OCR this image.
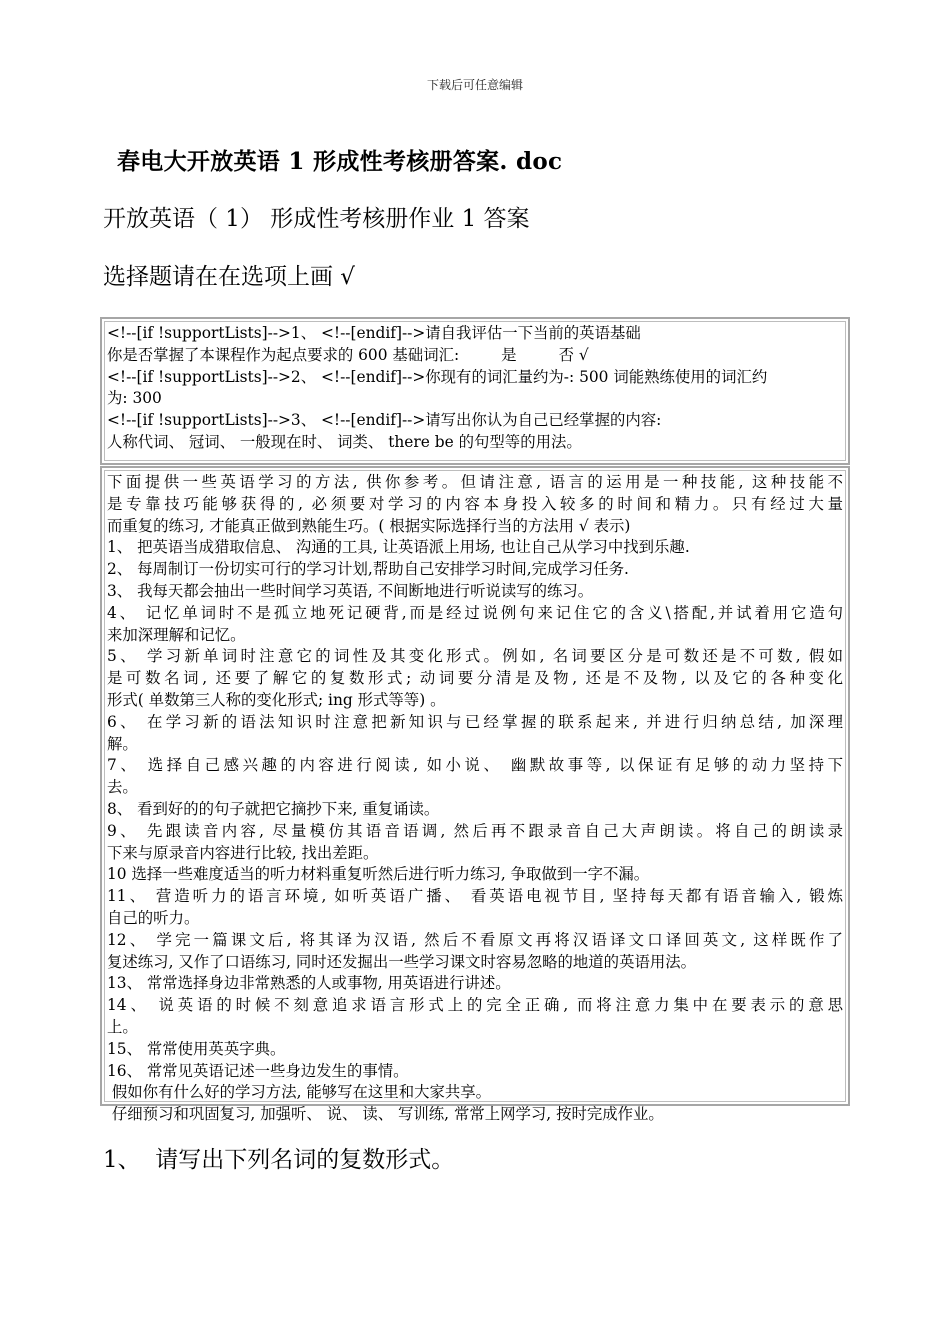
下载后可任意编辑
春电大开放英语 1 形成性考核册答案. doc
开放英语（ 1） 形成性考核册作业 1 答案
选择题请在在选项上画 √
<!--[if !supportLists]-->1、 <!--[endif]-->请自我评估一下当前的英语基础
你是否掌握了本课程作为起点要求的 600 基础词汇:	是	否 √
<!--[if !supportLists]-->2、 <!--[endif]-->你现有的词汇量约为-: 500 词能熟练使用的词汇约
为: 300
<!--[if !supportLists]-->3、 <!--[endif]-->请写出你认为自己已经掌握的内容:
人称代词、 冠词、 一般现在时、 词类、 there be 的句型等的用法。
下面提供一些英语学习的方法, 供你参考。但请注意, 语言的运用是一种技能, 这种技能不
是专靠技巧能够获得的, 必须要对学习的内容本身投入较多的时间和精力。只有经过大量
而重复的练习, 才能真正做到熟能生巧。( 根据实际选择行当的方法用 √ 表示)
1、 把英语当成猎取信息、 沟通的工具, 让英语派上用场, 也让自己从学习中找到乐趣.
2、 每周制订一份切实可行的学习计划,帮助自己安排学习时间,完成学习任务.
3、 我每天都会抽出一些时间学习英语, 不间断地进行听说读写的练习。
4、 记忆单词时不是孤立地死记硬背,而是经过说例句来记住它的含义\搭配,并试着用它造句
来加深理解和记忆。
5、 学习新单词时注意它的词性及其变化形式。例如, 名词要区分是可数还是不可数, 假如
是可数名词, 还要了解它的复数形式; 动词要分清是及物, 还是不及物, 以及它的各种变化
形式( 单数第三人称的变化形式; ing 形式等等) 。
6、 在学习新的语法知识时注意把新知识与已经掌握的联系起来, 并进行归纳总结, 加深理
解。
7、 选择自己感兴趣的内容进行阅读, 如小说、 幽默故事等, 以保证有足够的动力坚持下
去。
8、 看到好的的句子就把它摘抄下来, 重复诵读。
9、 先跟读音内容, 尽量模仿其语音语调, 然后再不跟录音自己大声朗读。将自己的朗读录
下来与原录音内容进行比较, 找出差距。
10 选择一些难度适当的听力材料重复听然后进行听力练习, 争取做到一字不漏。
11、 营造听力的语言环境, 如听英语广播、 看英语电视节目, 坚持每天都有语音输入, 锻炼
自己的听力。
12、 学完一篇课文后, 将其译为汉语, 然后不看原文再将汉语译文口译回英文, 这样既作了
复述练习, 又作了口语练习, 同时还发掘出一些学习课文时容易忽略的地道的英语用法。
13、 常常选择身边非常熟悉的人或事物, 用英语进行讲述。
14、 说英语的时候不刻意追求语言形式上的完全正确, 而将注意力集中在要表示的意思
上。
15、 常常使用英英字典。
16、 常常见英语记述一些身边发生的事情。
假如你有什么好的学习方法, 能够写在这里和大家共享。
仔细预习和巩固复习, 加强听、 说、 读、 写训练, 常常上网学习, 按时完成作业。
1、  请写出下列名词的复数形式。
